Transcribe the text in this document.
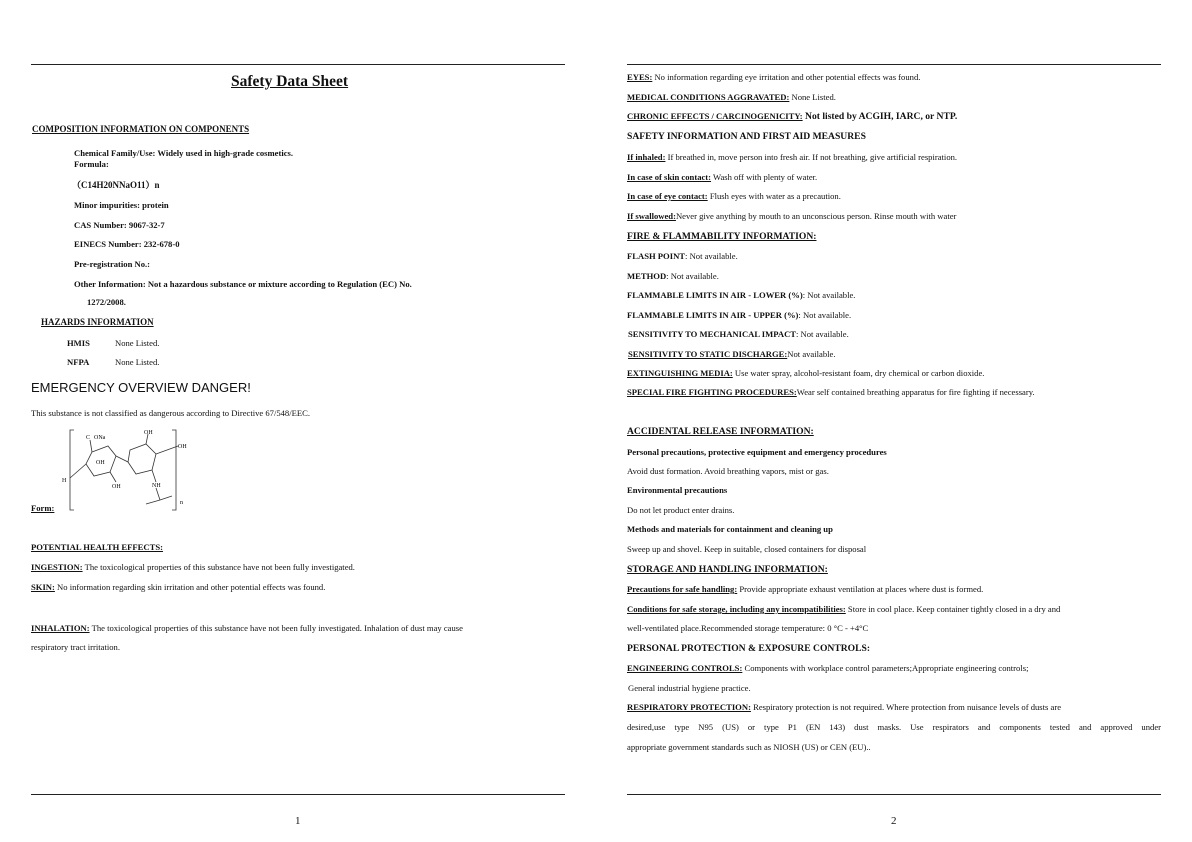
Safety Data Sheet
COMPOSITION INFORMATION ON COMPONENTS
Chemical Family/Use: Widely used in high-grade cosmetics.
Formula:
（C14H20NNaO11）n
Minor impurities: protein
CAS Number: 9067-32-7
EINECS Number: 232-678-0
Pre-registration No.:
Other Information: Not a hazardous substance or mixture according to Regulation (EC) No.
1272/2008.
HAZARDS INFORMATION
HMIS	None Listed.
NFPA	None Listed.
EMERGENCY OVERVIEW DANGER!
This substance is not classified as dangerous according to Directive 67/548/EEC.
C ONa
OH
OH
OH
OH	NH
H
n
Form:
POTENTIAL HEALTH EFFECTS:
INGESTION: The toxicological properties of this substance have not been fully investigated.
SKIN: No information regarding skin irritation and other potential effects was found.
INHALATION: The toxicological properties of this substance have not been fully investigated. Inhalation of dust may cause
respiratory tract irritation.
1
EYES: No information regarding eye irritation and other potential effects was found.
MEDICAL CONDITIONS AGGRAVATED: None Listed.
CHRONIC EFFECTS / CARCINOGENICITY: Not listed by ACGIH, IARC, or NTP.
SAFETY INFORMATION AND FIRST AID MEASURES
If inhaled: If breathed in, move person into fresh air. If not breathing, give artificial respiration.
In case of skin contact: Wash off with plenty of water.
In case of eye contact: Flush eyes with water as a precaution.
If swallowed:Never give anything by mouth to an unconscious person. Rinse mouth with water
FIRE & FLAMMABILITY INFORMATION:
FLASH POINT: Not available.
METHOD: Not available.
FLAMMABLE LIMITS IN AIR - LOWER (%): Not available.
FLAMMABLE LIMITS IN AIR - UPPER (%): Not available.
SENSITIVITY TO MECHANICAL IMPACT: Not available.
SENSITIVITY TO STATIC DISCHARGE:Not available.
EXTINGUISHING MEDIA: Use water spray, alcohol-resistant foam, dry chemical or carbon dioxide.
SPECIAL FIRE FIGHTING PROCEDURES:Wear self contained breathing apparatus for fire fighting if necessary.
ACCIDENTAL RELEASE INFORMATION:
Personal precautions, protective equipment and emergency procedures
Avoid dust formation. Avoid breathing vapors, mist or gas.
Environmental precautions
Do not let product enter drains.
Methods and materials for containment and cleaning up
Sweep up and shovel. Keep in suitable, closed containers for disposal
STORAGE AND HANDLING INFORMATION:
Precautions for safe handling: Provide appropriate exhaust ventilation at places where dust is formed.
Conditions for safe storage, including any incompatibilities: Store in cool place. Keep container tightly closed in a dry and
well-ventilated place.Recommended storage temperature: 0 °C - +4°C
PERSONAL PROTECTION & EXPOSURE CONTROLS:
ENGINEERING CONTROLS: Components with workplace control parameters;Appropriate engineering controls;
General industrial hygiene practice.
RESPIRATORY PROTECTION: Respiratory protection is not required. Where protection from nuisance levels of dusts are
desired,use type N95 (US) or type P1 (EN 143) dust masks. Use respirators and components tested and approved under
appropriate government standards such as NIOSH (US) or CEN (EU)..
2
